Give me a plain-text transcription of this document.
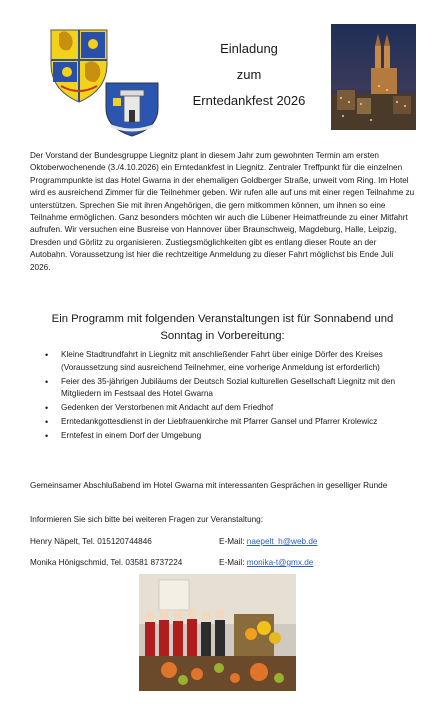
Einladung
zum
Erntedankfest 2026

Der Vorstand der Bundesgruppe Liegnitz plant in diesem Jahr zum gewohnten Termin am ersten Oktoberwochenende (3./4.10.2026) ein Erntedankfest in Liegnitz. Zentraler Treffpunkt für die einzelnen Programmpunkte ist das Hotel Gwarna in der ehemaligen Goldberger Straße, unweit vom Ring. Im Hotel wird es ausreichend Zimmer für die Teilnehmer geben. Wir rufen alle auf uns mit einer regen Teilnahme zu unterstützen. Sprechen Sie mit ihren Angehörigen, die gern mitkommen können, um ihnen so eine Teilnahme ermöglichen. Ganz besonders möchten wir auch die Lübener Heimatfreunde zu einer Mitfahrt aufrufen. Wir versuchen eine Busreise von Hannover über Braunschweig, Magdeburg, Halle, Leipzig, Dresden und Görlitz zu organisieren. Zustiegsmöglichkeiten gibt es entlang dieser Route an der Autobahn. Voraussetzung ist hier die rechtzeitige Anmeldung zu dieser Fahrt möglichst bis Ende Juli 2026.

Ein Programm mit folgenden Veranstaltungen ist für Sonnabend und Sonntag in Vorbereitung:
• Kleine Stadtrundfahrt in Liegnitz mit anschließender Fahrt über einige Dörfer des Kreises (Voraussetzung sind ausreichend Teilnehmer, eine vorherige Anmeldung ist erforderlich)
• Feier des 35-jährigen Jubiläums der Deutsch Sozial kulturellen Gesellschaft Liegnitz mit den Mitgliedern im Festsaal des Hotel Gwarna
• Gedenken der Verstorbenen mit Andacht auf dem Friedhof
• Erntedankgottesdienst in der Liebfrauenkirche mit Pfarrer Gansel und Pfarrer Krolewicz
• Erntefest in einem Dorf der Umgebung
Gemeinsamer Abschlußabend im Hotel Gwarna mit interessanten Gesprächen in geselliger Runde
Informieren Sie sich bitte bei weiteren Fragen zur Veranstaltung:
Henry Näpelt, Tel. 015120744846	E-Mail: naepelt_h@web.de
Monika Hönigschmid, Tel. 03581 8737224	E-Mail: monika-t@gmx.de
